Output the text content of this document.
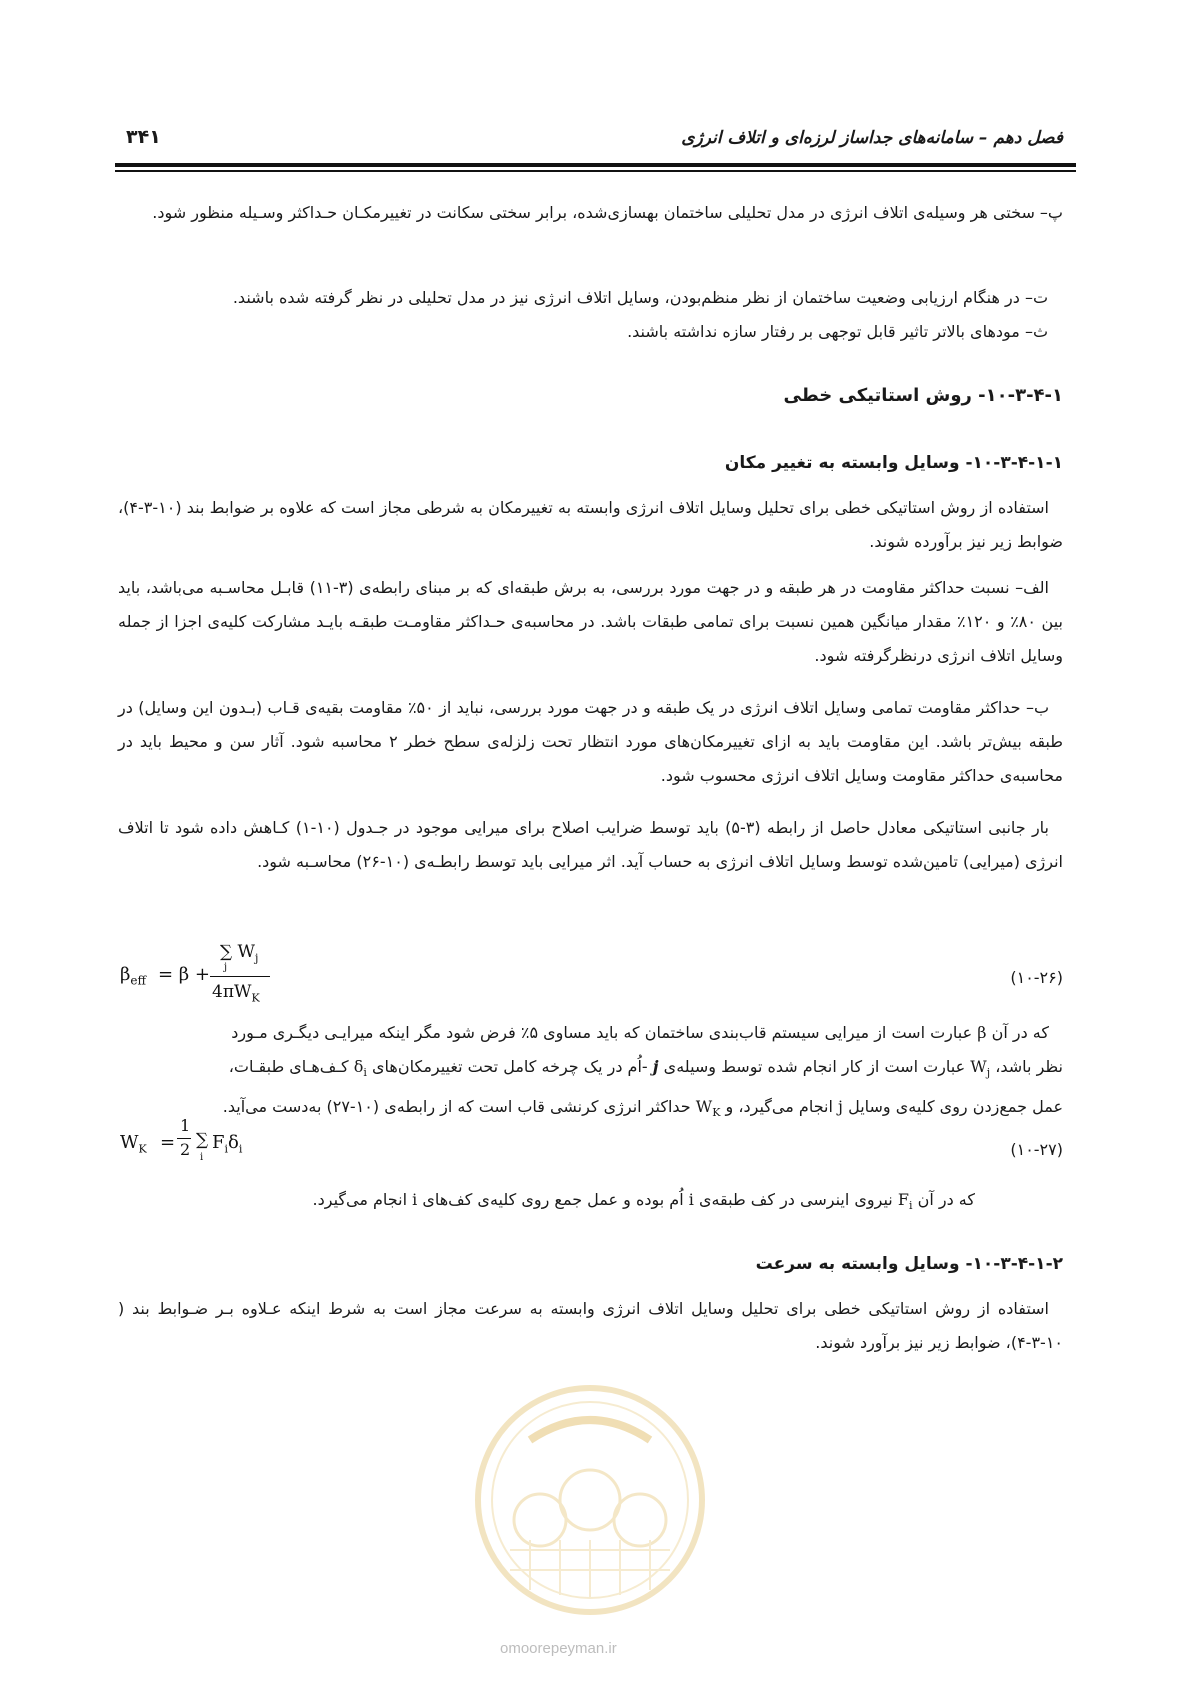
فصل دهم – سامانه‌های جداساز لرزه‌ای و اتلاف انرژی
۳۴۱

پ– سختی هر وسیله‌ی اتلاف انرژی در مدل تحلیلی ساختمان بهسازی‌شده، برابر سختی سکانت در تغییرمکـان حـداکثر وسـیله منظور شود.

ت– در هنگام ارزیابی وضعیت ساختمان از نظر منظم‌بودن، وسایل اتلاف انرژی نیز در مدل تحلیلی در نظر گرفته شده باشند.

ث– مودهای بالاتر تاثیر قابل توجهی بر رفتار سازه نداشته باشند.

۱۰-۳-۴-۱- روش استاتیکی خطی
۱۰-۳-۴-۱-۱- وسایل وابسته به تغییر مکان

استفاده از روش استاتیکی خطی برای تحلیل وسایل اتلاف انرژی وابسته به تغییرمکان به شرطی مجاز است که علاوه بر ضوابط بند (۱۰-۳-۴)، ضوابط زیر نیز برآورده شوند.

الف– نسبت حداکثر مقاومت در هر طبقه و در جهت مورد بررسی، به برش طبقه‌ای که بر مبنای رابطه‌ی (۳-۱۱) قابـل محاسـبه می‌باشد، باید بین ۸۰٪ و ۱۲۰٪ مقدار میانگین همین نسبت برای تمامی طبقات باشد. در محاسبه‌ی حـداکثر مقاومـت طبقـه بایـد مشارکت کلیه‌ی اجزا از جمله وسایل اتلاف انرژی درنظرگرفته شود.

ب– حداکثر مقاومت تمامی وسایل اتلاف انرژی در یک طبقه و در جهت مورد بررسی، نباید از ۵۰٪ مقاومت بقیه‌ی قـاب (بـدون این وسایل) در طبقه بیش‌تر باشد. این مقاومت باید به ازای تغییرمکان‌های مورد انتظار تحت زلزله‌ی سطح خطر ۲ محاسبه شود. آثار سن و محیط باید در محاسبه‌ی حداکثر مقاومت وسایل اتلاف انرژی محسوب شود.

بار جانبی استاتیکی معادل حاصل از رابطه (۳-۵) باید توسط ضرایب اصلاح برای میرایی موجود در جـدول (۱۰-۱) کـاهش داده شود تا اتلاف انرژی (میرایی) تامین‌شده توسط وسایل اتلاف انرژی به حساب آید. اثر میرایی باید توسط رابطـه‌ی (۱۰-۲۶) محاسـبه شود.

$\beta_{eff} = \beta$ +
∑ $W_j$
j
$4\pi W_K$
(۱۰-۲۶)

که در آن β عبارت است از میرایی سیستم قاب‌بندی ساختمان که باید مساوی ۵٪ فرض شود مگر اینکه میرایـی دیگـری مـورد

نظر باشد، $W_j$ عبارت است از کار انجام شده توسط وسیله‌ی j -اُم در یک چرخه کامل تحت تغییرمکان‌های $\delta_i$ کـف‌هـای طبقـات،

عمل جمع‌زدن روی کلیه‌ی وسایل j انجام می‌گیرد، و $W_K$ حداکثر انرژی کرنشی قاب است که از رابطه‌ی (۱۰-۲۷) به‌دست می‌آید.

$W_K$ =
1
2 ∑
i
$F_i\delta_i$	(۱۰-۲۷)

که در آن $F_i$ نیروی اینرسی در کف طبقه‌ی i اُم بوده و عمل جمع روی کلیه‌ی کف‌های i انجام می‌گیرد.

۱۰-۳-۴-۱-۲- وسایل وابسته به سرعت

استفاده از روش استاتیکی خطی برای تحلیل وسایل اتلاف انرژی وابسته به سرعت مجاز است به شرط اینکه عـلاوه بـر ضـوابط بند ( ۱۰-۳-۴)، ضوابط زیر نیز برآورد شوند.

omoorepeyman.ir
